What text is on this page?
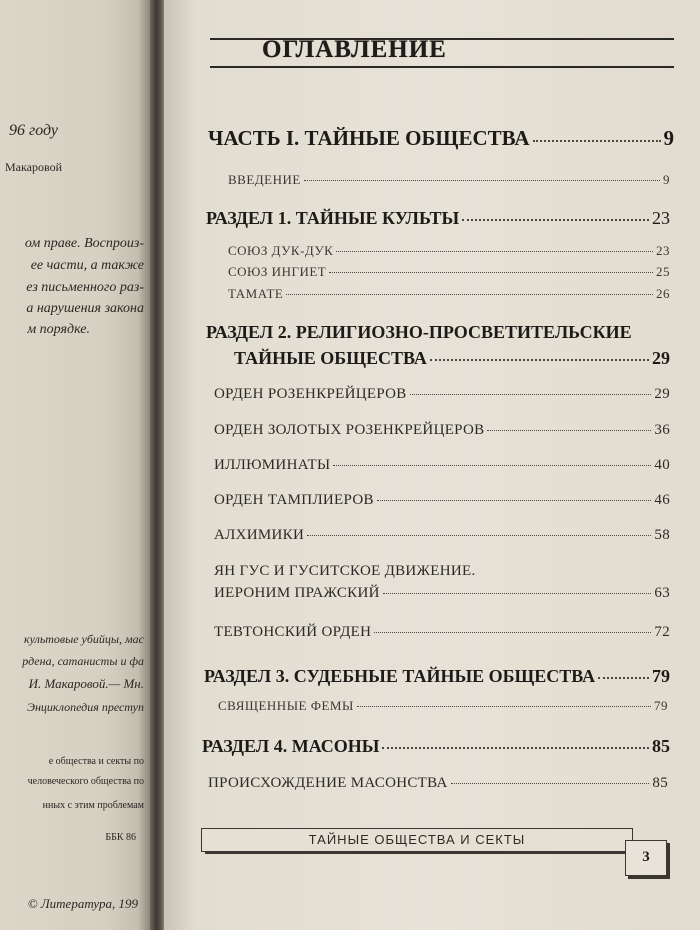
96 году
Макаровой
ом праве. Воспроиз-
ее части, а также
ез письменного раз-
а нарушения закона
м порядке.
культовые убийцы, мас
рдена, сатанисты и фа
И. Макаровой.— Мн.
Энциклопедия преступ
е общества и секты по
человеческого общества по
нных с этим проблемам
ББК 86
© Литература, 199
ОГЛАВЛЕНИЕ
ЧАСТЬ I. ТАЙНЫЕ ОБЩЕСТВА	9
ВВЕДЕНИЕ	9
РАЗДЕЛ 1. ТАЙНЫЕ КУЛЬТЫ	23
СОЮЗ ДУК-ДУК	23
СОЮЗ ИНГИЕТ	25
ТАМАТЕ	26
РАЗДЕЛ 2. РЕЛИГИОЗНО-ПРОСВЕТИТЕЛЬСКИЕ
ТАЙНЫЕ ОБЩЕСТВА	29
ОРДЕН РОЗЕНКРЕЙЦЕРОВ	29
ОРДЕН ЗОЛОТЫХ РОЗЕНКРЕЙЦЕРОВ	36
ИЛЛЮМИНАТЫ	40
ОРДЕН ТАМПЛИЕРОВ	46
АЛХИМИКИ	58
ЯН ГУС И ГУСИТСКОЕ ДВИЖЕНИЕ.
ИЕРОНИМ ПРАЖСКИЙ	63
ТЕВТОНСКИЙ ОРДЕН	72
РАЗДЕЛ 3. СУДЕБНЫЕ ТАЙНЫЕ ОБЩЕСТВА	79
СВЯЩЕННЫЕ ФЕМЫ	79
РАЗДЕЛ 4. МАСОНЫ	85
ПРОИСХОЖДЕНИЕ МАСОНСТВА	85
ТАЙНЫЕ ОБЩЕСТВА И СЕКТЫ
3
